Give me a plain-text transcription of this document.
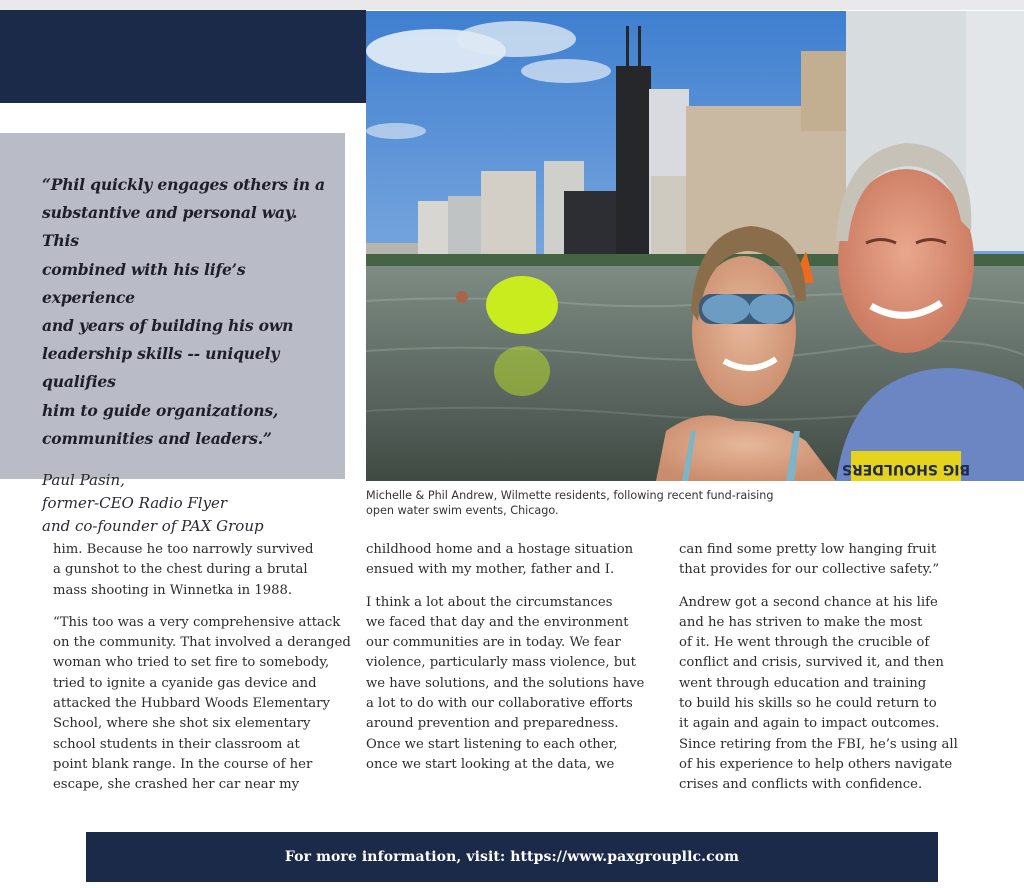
“Phil quickly engages others in a
substantive and personal way. This
combined with his life’s experience
and years of building his own
leadership skills -- uniquely qualifies
him to guide organizations,
communities and leaders.”

Paul Pasin,
former-CEO Radio Flyer
and co-founder of PAX Group
BIG SHOULDERS
Michelle & Phil Andrew, Wilmette residents, following recent fund-raising
open water swim events, Chicago.
him. Because he too narrowly survived
a gunshot to the chest during a brutal
mass shooting in Winnetka in 1988.
“This too was a very comprehensive attack
on the community. That involved a deranged
woman who tried to set fire to somebody,
tried to ignite a cyanide gas device and
attacked the Hubbard Woods Elementary
School, where she shot six elementary
school students in their classroom at
point blank range. In the course of her
escape, she crashed her car near my
childhood home and a hostage situation
ensued with my mother, father and I.
I think a lot about the circumstances
we faced that day and the environment
our communities are in today. We fear
violence, particularly mass violence, but
we have solutions, and the solutions have
a lot to do with our collaborative efforts
around prevention and preparedness.
Once we start listening to each other,
once we start looking at the data, we
can find some pretty low hanging fruit
that provides for our collective safety.”
Andrew got a second chance at his life
and he has striven to make the most
of it. He went through the crucible of
conflict and crisis, survived it, and then
went through education and training
to build his skills so he could return to
it again and again to impact outcomes.
Since retiring from the FBI, he’s using all
of his experience to help others navigate
crises and conflicts with confidence.
For more information, visit: https://www.paxgroupllc.com
